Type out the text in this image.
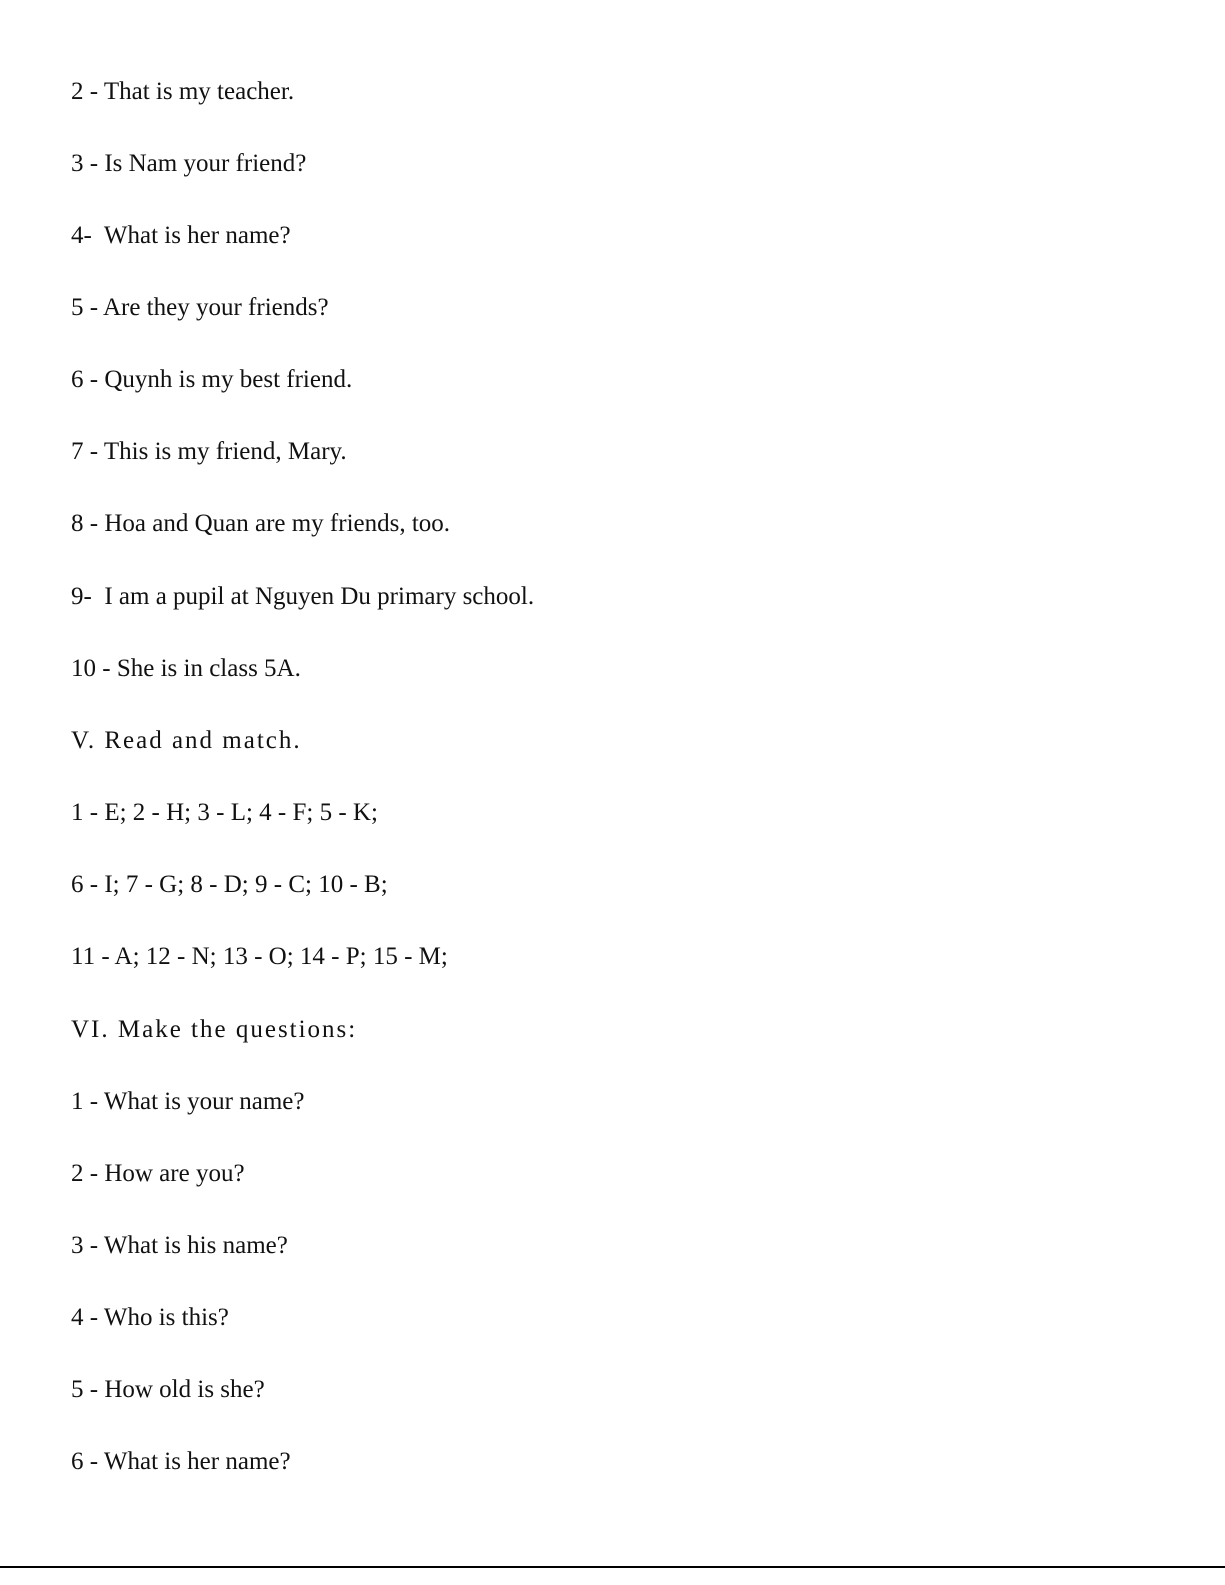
2 - That is my teacher.
3 - Is Nam your friend?
4-  What is her name?
5 - Are they your friends?
6 - Quynh is my best friend.
7 - This is my friend, Mary.
8 - Hoa and Quan are my friends, too.
9-  I am a pupil at Nguyen Du primary school.
10 - She is in class 5A.
V. Read and match.
1 - E; 2 - H; 3 - L; 4 - F; 5 - K;
6 - I; 7 - G; 8 - D; 9 - C; 10 - B;
11 - A; 12 - N; 13 - O; 14 - P; 15 - M;
VI. Make the questions:
1 - What is your name?
2 - How are you?
3 - What is his name?
4 - Who is this?
5 - How old is she?
6 - What is her name?
